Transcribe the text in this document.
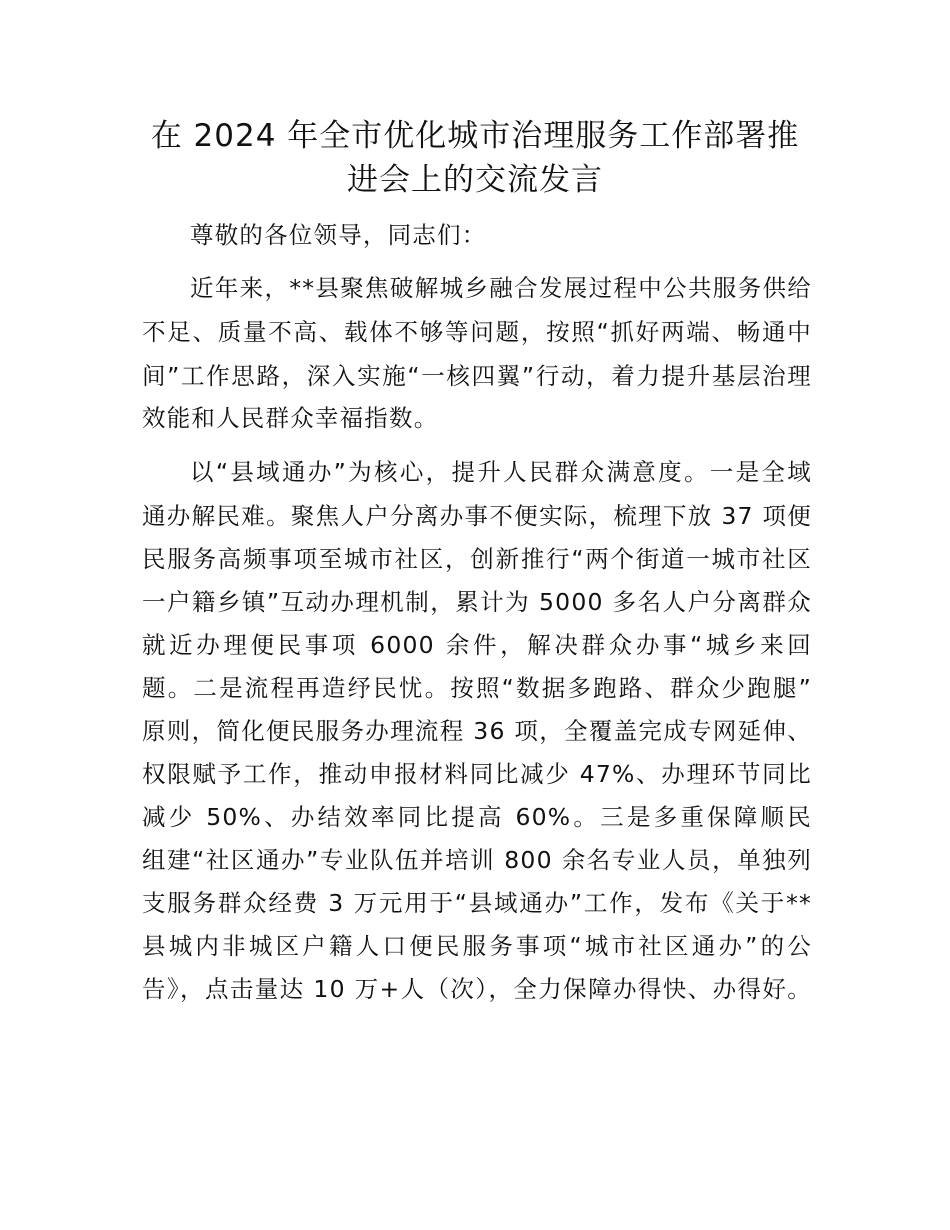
在 2024 年全市优化城市治理服务工作部署推
进会上的交流发言

尊敬的各位领导，同志们：

近年来，**县聚焦破解城乡融合发展过程中公共服务供给

不足、质量不高、载体不够等问题，按照“抓好两端、畅通中

间”工作思路，深入实施“一核四翼”行动，着力提升基层治理

效能和人民群众幸福指数。

以“县域通办”为核心，提升人民群众满意度。一是全域

通办解民难。聚焦人户分离办事不便实际，梳理下放 37 项便

民服务高频事项至城市社区，创新推行“两个街道一城市社区

一户籍乡镇”互动办理机制，累计为 5000 多名人户分离群众

就近办理便民事项 6000 余件，解决群众办事“城乡来回

题。二是流程再造纾民忧。按照“数据多跑路、群众少跑腿”

原则，简化便民服务办理流程 36 项，全覆盖完成专网延伸、

权限赋予工作，推动申报材料同比减少 47%、办理环节同比

减少 50%、办结效率同比提高 60%。三是多重保障顺民

组建“社区通办”专业队伍并培训 800 余名专业人员，单独列

支服务群众经费 3 万元用于“县域通办”工作，发布《关于**

县城内非城区户籍人口便民服务事项“城市社区通办”的公

告》，点击量达 10 万+人（次），全力保障办得快、办得好。
